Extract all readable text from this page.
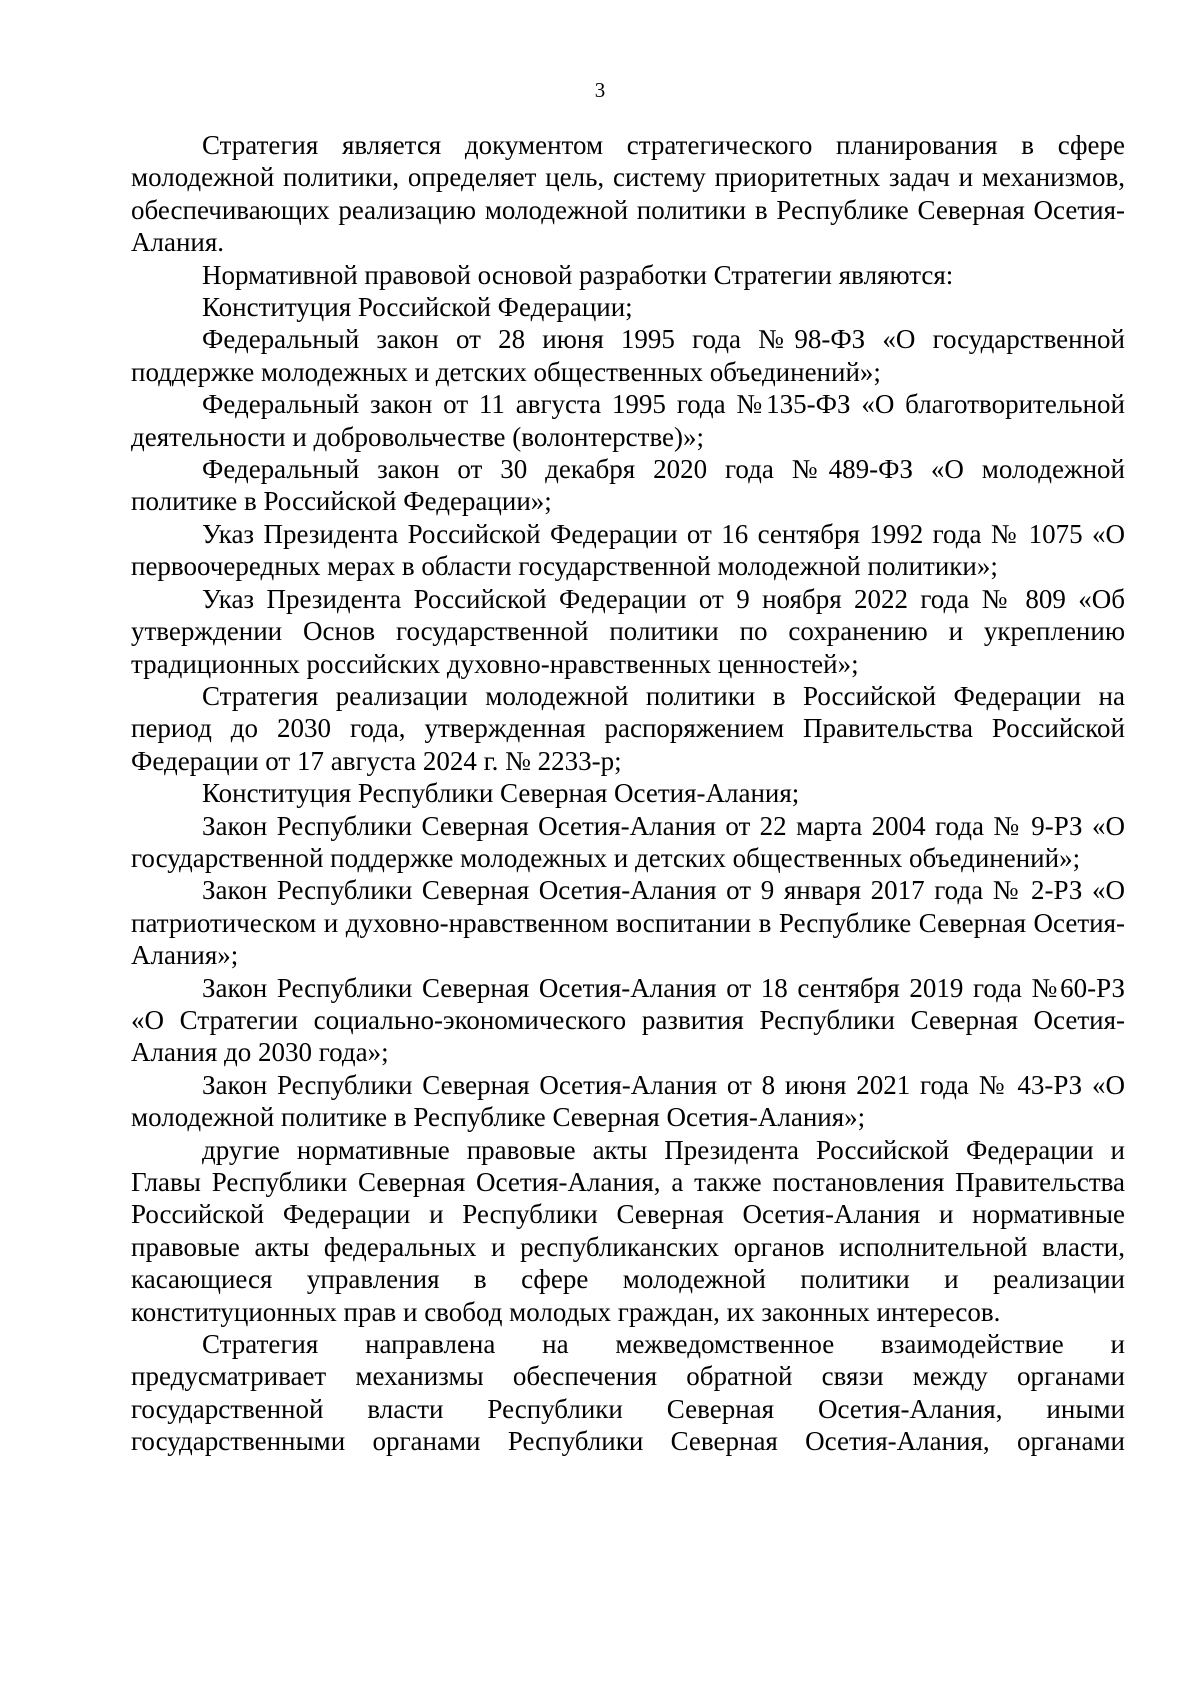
3

Стратегия является документом стратегического планирования в сфере молодежной политики, определяет цель, систему приоритетных задач и механизмов, обеспечивающих реализацию молодежной политики в Республике Северная Осетия-Алания.

Нормативной правовой основой разработки Стратегии являются:

Конституция Российской Федерации;

Федеральный закон от 28 июня 1995 года №98-ФЗ «О государственной поддержке молодежных и детских общественных объединений»;

Федеральный закон от 11 августа 1995 года №135-ФЗ «О благотворительной деятельности и добровольчестве (волонтерстве)»;

Федеральный закон от 30 декабря 2020 года №489-ФЗ «О молодежной политике в Российской Федерации»;

Указ Президента Российской Федерации от 16 сентября 1992 года № 1075 «О первоочередных мерах в области государственной молодежной политики»;

Указ Президента Российской Федерации от 9 ноября 2022 года № 809 «Об утверждении Основ государственной политики по сохранению и укреплению традиционных российских духовно-нравственных ценностей»;

Стратегия реализации молодежной политики в Российской Федерации на период до 2030 года, утвержденная распоряжением Правительства Российской Федерации от 17 августа 2024 г. № 2233-р;

Конституция Республики Северная Осетия-Алания;

Закон Республики Северная Осетия-Алания от 22 марта 2004 года № 9-РЗ «О государственной поддержке молодежных и детских общественных объединений»;

Закон Республики Северная Осетия-Алания от 9 января 2017 года № 2-РЗ «О патриотическом и духовно-нравственном воспитании в Республике Северная Осетия-Алания»;

Закон Республики Северная Осетия-Алания от 18 сентября 2019 года №60-РЗ «О Стратегии социально-экономического развития Республики Северная Осетия-Алания до 2030 года»;

Закон Республики Северная Осетия-Алания от 8 июня 2021 года № 43-РЗ «О молодежной политике в Республике Северная Осетия-Алания»;

другие нормативные правовые акты Президента Российской Федерации и Главы Республики Северная Осетия-Алания, а также постановления Правительства Российской Федерации и Республики Северная Осетия-Алания и нормативные правовые акты федеральных и республиканских органов исполнительной власти, касающиеся управления в сфере молодежной политики и реализации конституционных прав и свобод молодых граждан, их законных интересов.

Стратегия направлена на межведомственное взаимодействие и предусматривает механизмы обеспечения обратной связи между органами государственной власти Республики Северная Осетия-Алания, иными государственными органами Республики Северная Осетия-Алания, органами
